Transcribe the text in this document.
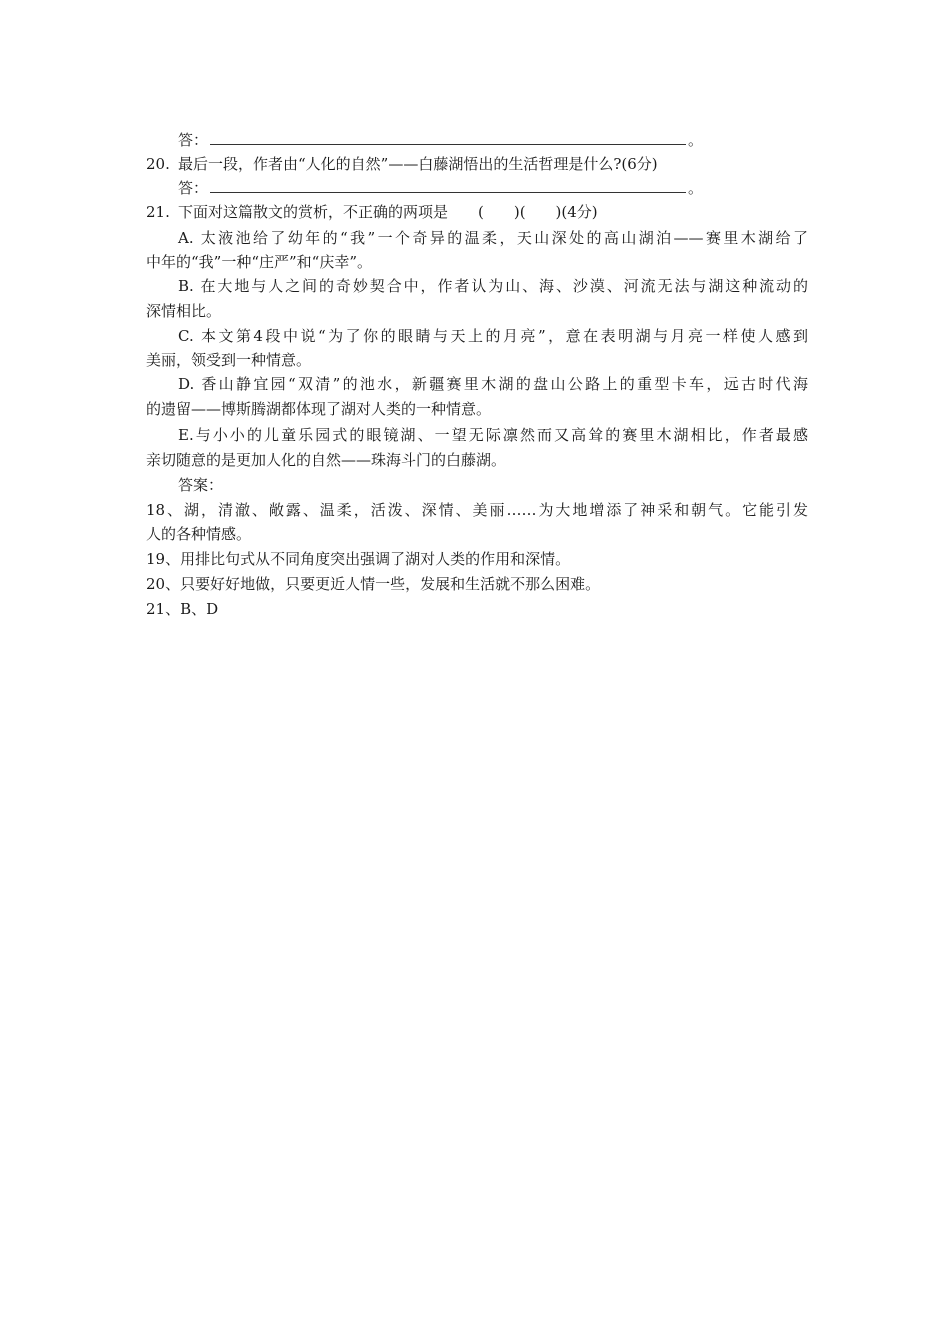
答：	。
20. 最后一段，作者由“人化的自然”——白藤湖悟出的生活哲理是什么?(6分)
答：	。
21. 下面对这篇散文的赏析，不正确的两项是　　(　　)(　　)(4分)
A. 太液池给了幼年的“我”一个奇异的温柔，天山深处的高山湖泊——赛里木湖给了
中年的“我”一种“庄严”和“庆幸”。
B. 在大地与人之间的奇妙契合中，作者认为山、海、沙漠、河流无法与湖这种流动的
深情相比。
C. 本文第4段中说“为了你的眼睛与天上的月亮”，意在表明湖与月亮一样使人感到
美丽，领受到一种情意。
D. 香山静宜园“双清”的池水，新疆赛里木湖的盘山公路上的重型卡车，远古时代海
的遗留——博斯腾湖都体现了湖对人类的一种情意。
E.与小小的儿童乐园式的眼镜湖、一望无际凛然而又高耸的赛里木湖相比，作者最感
亲切随意的是更加人化的自然——珠海斗门的白藤湖。
答案：
18、湖，清澈、敞露、温柔，活泼、深情、美丽……为大地增添了神采和朝气。它能引发
人的各种情感。
19、用排比句式从不同角度突出强调了湖对人类的作用和深情。
20、只要好好地做，只要更近人情一些，发展和生活就不那么困难。
21、B、D
